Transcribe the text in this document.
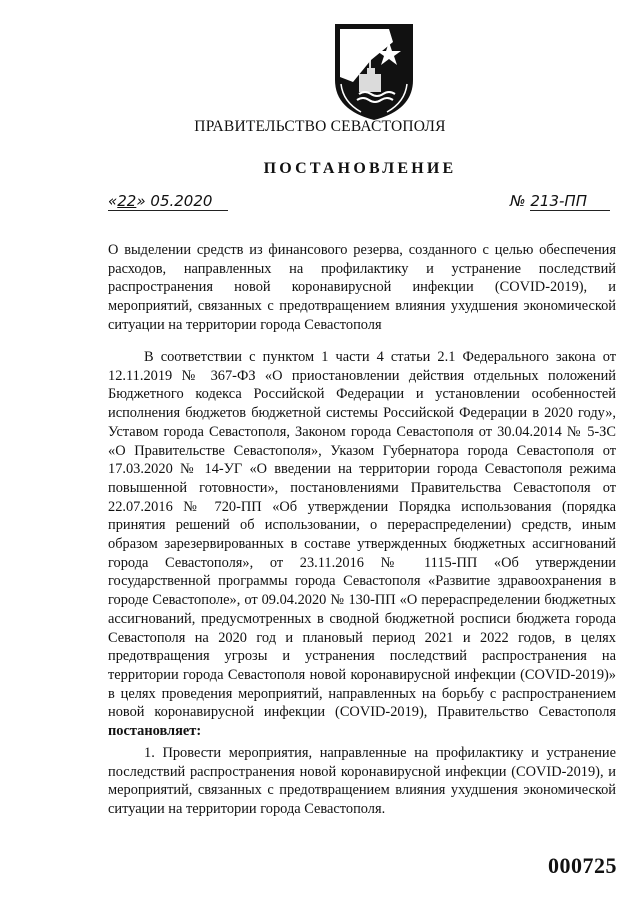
ПРАВИТЕЛЬСТВО СЕВАСТОПОЛЯ
ПОСТАНОВЛЕНИЕ
«22» 05.2020	№ 213-ПП
О выделении средств из финансового резерва, созданного с целью обеспечения расходов, направленных на профилактику и устранение последствий распространения новой коронавирусной инфекции (COVID-2019), и мероприятий, связанных с предотвращением влияния ухудшения экономической ситуации на территории города Севастополя
В соответствии с пунктом 1 части 4 статьи 2.1 Федерального закона от 12.11.2019 № 367-ФЗ «О приостановлении действия отдельных положений Бюджетного кодекса Российской Федерации и установлении особенностей исполнения бюджетов бюджетной системы Российской Федерации в 2020 году», Уставом города Севастополя, Законом города Севастополя от 30.04.2014 № 5-ЗС «О Правительстве Севастополя», Указом Губернатора города Севастополя от 17.03.2020 № 14-УГ «О введении на территории города Севастополя режима повышенной готовности», постановлениями Правительства Севастополя от 22.07.2016 № 720-ПП «Об утверждении Порядка использования (порядка принятия решений об использовании, о перераспределении) средств, иным образом зарезервированных в составе утвержденных бюджетных ассигнований города Севастополя», от 23.11.2016 № 1115-ПП «Об утверждении государственной программы города Севастополя «Развитие здравоохранения в городе Севастополе», от 09.04.2020 № 130-ПП «О перераспределении бюджетных ассигнований, предусмотренных в сводной бюджетной росписи бюджета города Севастополя на 2020 год и плановый период 2021 и 2022 годов, в целях предотвращения угрозы и устранения последствий распространения на территории города Севастополя новой коронавирусной инфекции (COVID-2019)» в целях проведения мероприятий, направленных на борьбу с распространением новой коронавирусной инфекции (COVID-2019), Правительство Севастополя постановляет:
1. Провести мероприятия, направленные на профилактику и устранение последствий распространения новой коронавирусной инфекции (COVID-2019), и мероприятий, связанных с предотвращением влияния ухудшения экономической ситуации на территории города Севастополя.
000725
